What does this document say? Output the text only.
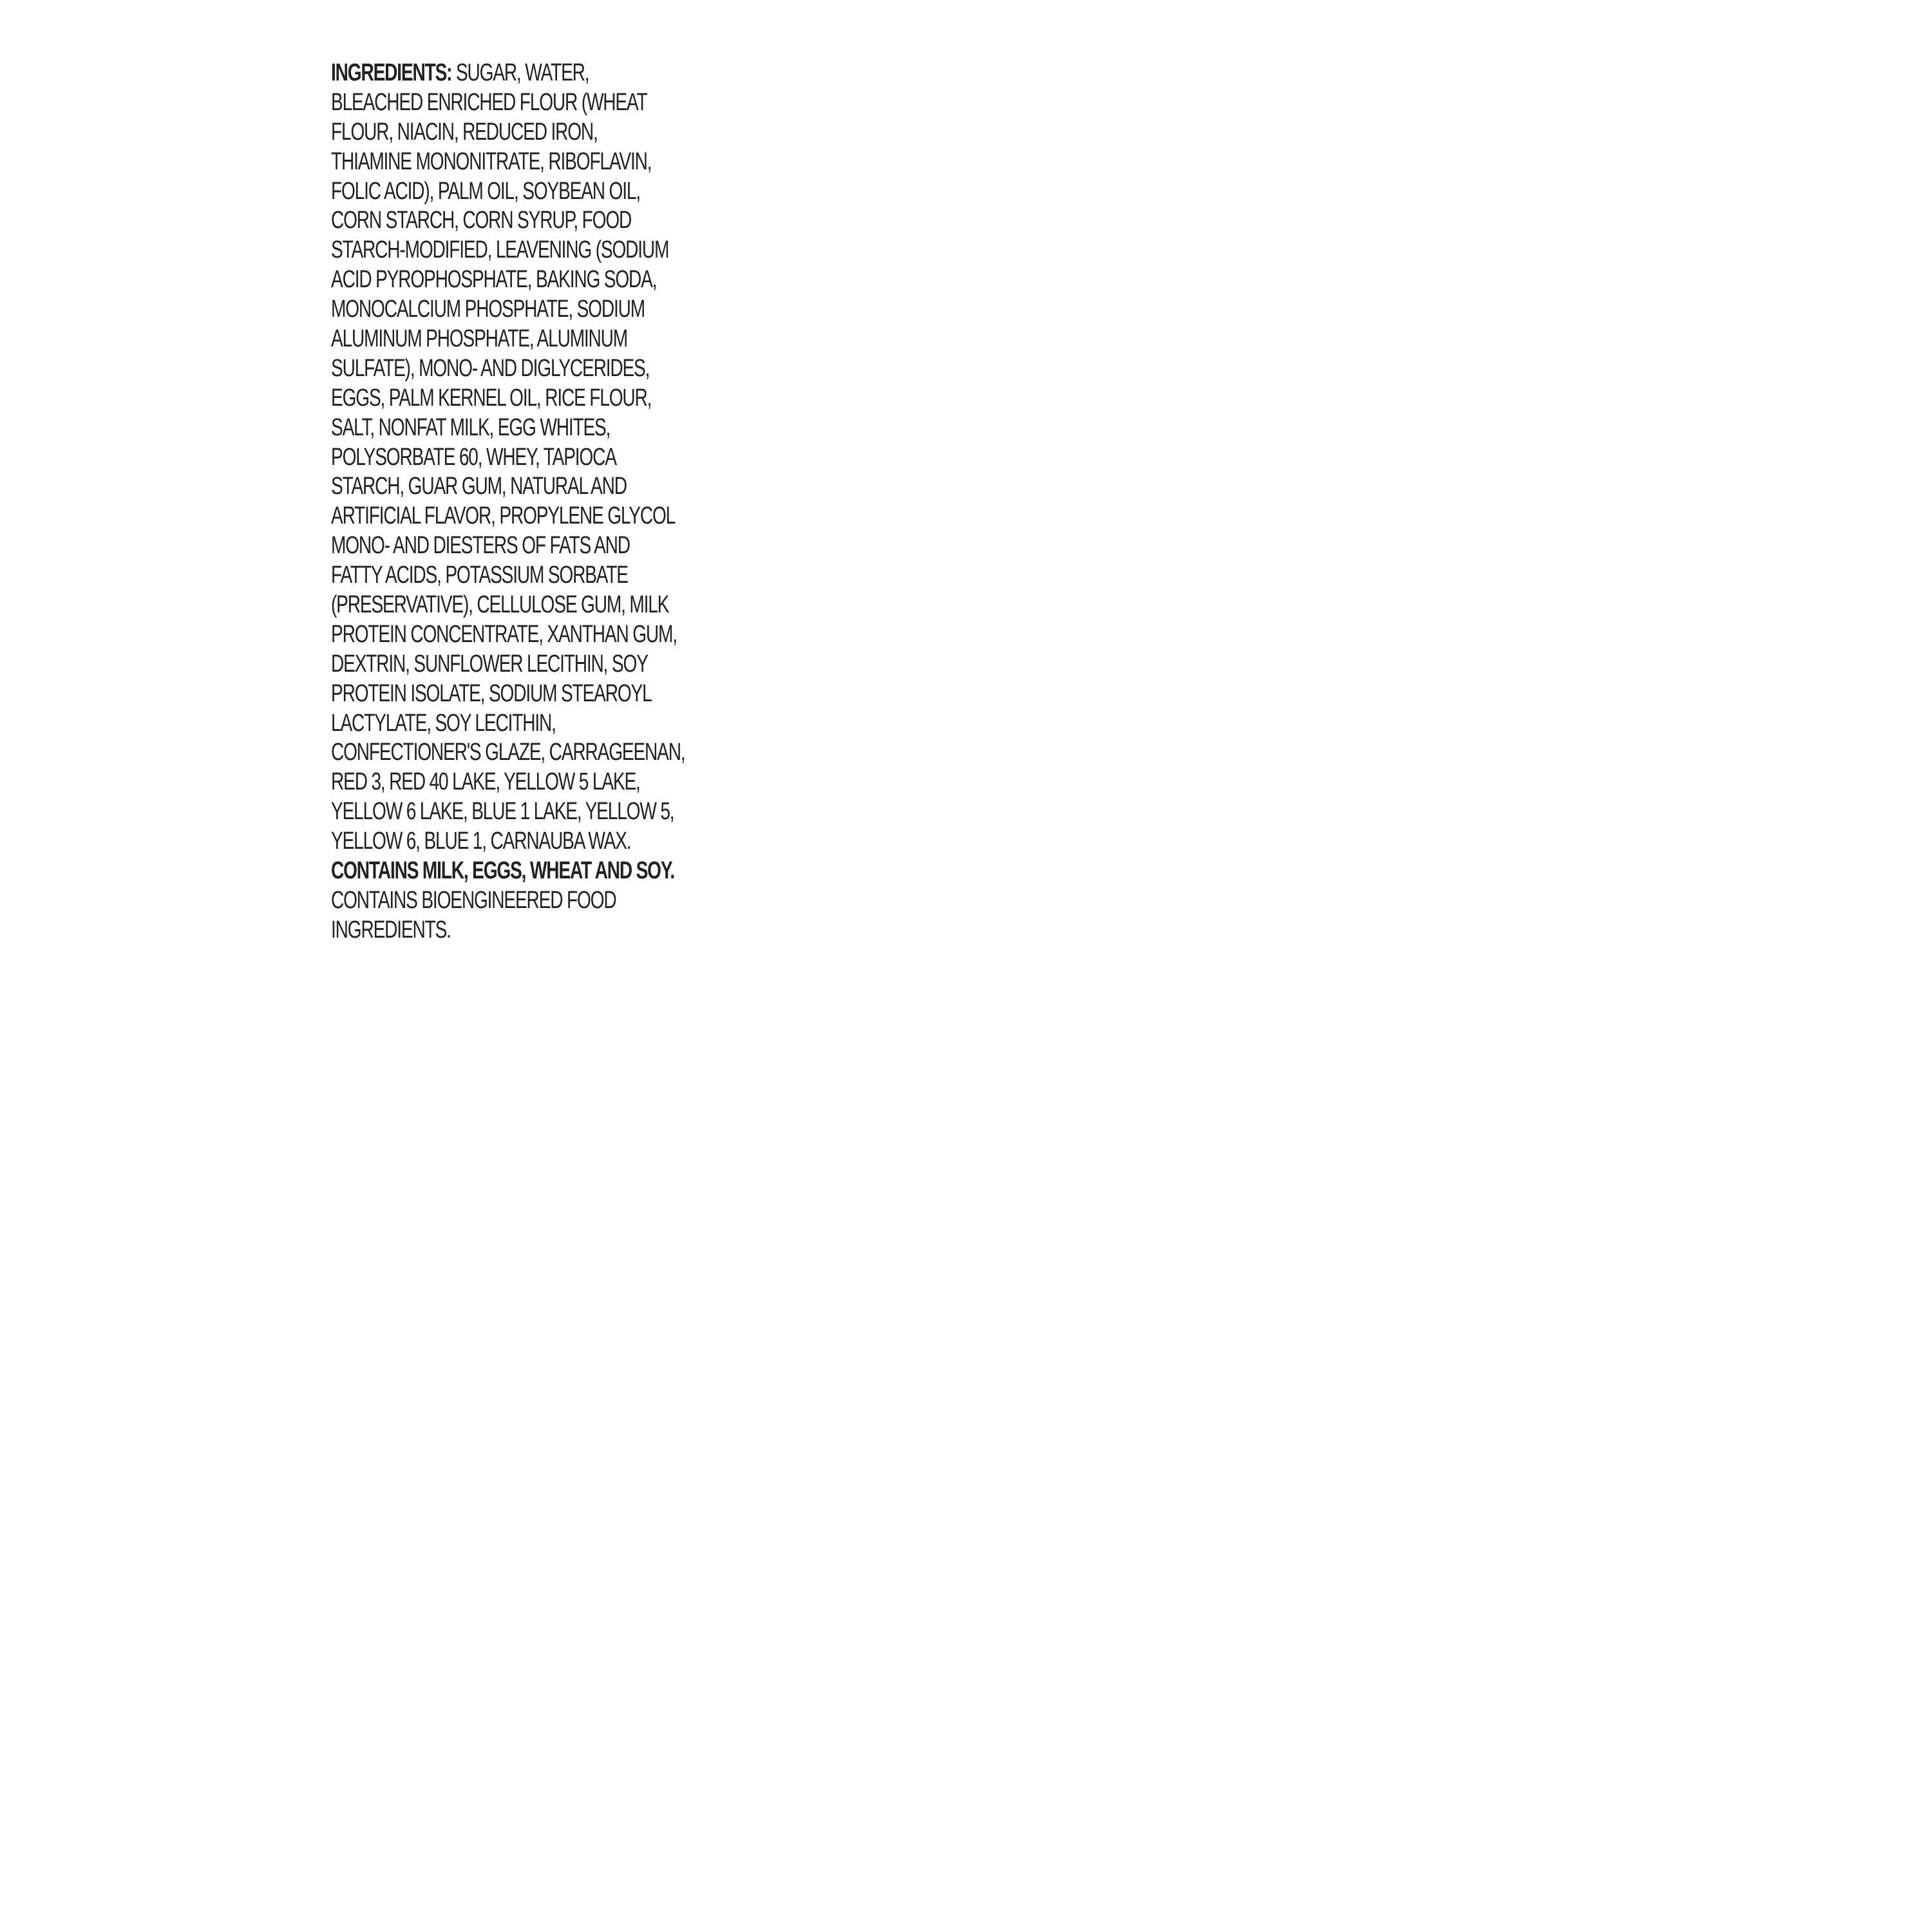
INGREDIENTS: SUGAR, WATER,
BLEACHED ENRICHED FLOUR (WHEAT
FLOUR, NIACIN, REDUCED IRON,
THIAMINE MONONITRATE, RIBOFLAVIN,
FOLIC ACID), PALM OIL, SOYBEAN OIL,
CORN STARCH, CORN SYRUP, FOOD
STARCH-MODIFIED, LEAVENING (SODIUM
ACID PYROPHOSPHATE, BAKING SODA,
MONOCALCIUM PHOSPHATE, SODIUM
ALUMINUM PHOSPHATE, ALUMINUM
SULFATE), MONO- AND DIGLYCERIDES,
EGGS, PALM KERNEL OIL, RICE FLOUR,
SALT, NONFAT MILK, EGG WHITES,
POLYSORBATE 60, WHEY, TAPIOCA
STARCH, GUAR GUM, NATURAL AND
ARTIFICIAL FLAVOR, PROPYLENE GLYCOL
MONO- AND DIESTERS OF FATS AND
FATTY ACIDS, POTASSIUM SORBATE
(PRESERVATIVE), CELLULOSE GUM, MILK
PROTEIN CONCENTRATE, XANTHAN GUM,
DEXTRIN, SUNFLOWER LECITHIN, SOY
PROTEIN ISOLATE, SODIUM STEAROYL
LACTYLATE, SOY LECITHIN,
CONFECTIONER'S GLAZE, CARRAGEENAN,
RED 3, RED 40 LAKE, YELLOW 5 LAKE,
YELLOW 6 LAKE, BLUE 1 LAKE, YELLOW 5,
YELLOW 6, BLUE 1, CARNAUBA WAX.
CONTAINS MILK, EGGS, WHEAT AND SOY.
CONTAINS BIOENGINEERED FOOD
INGREDIENTS.
